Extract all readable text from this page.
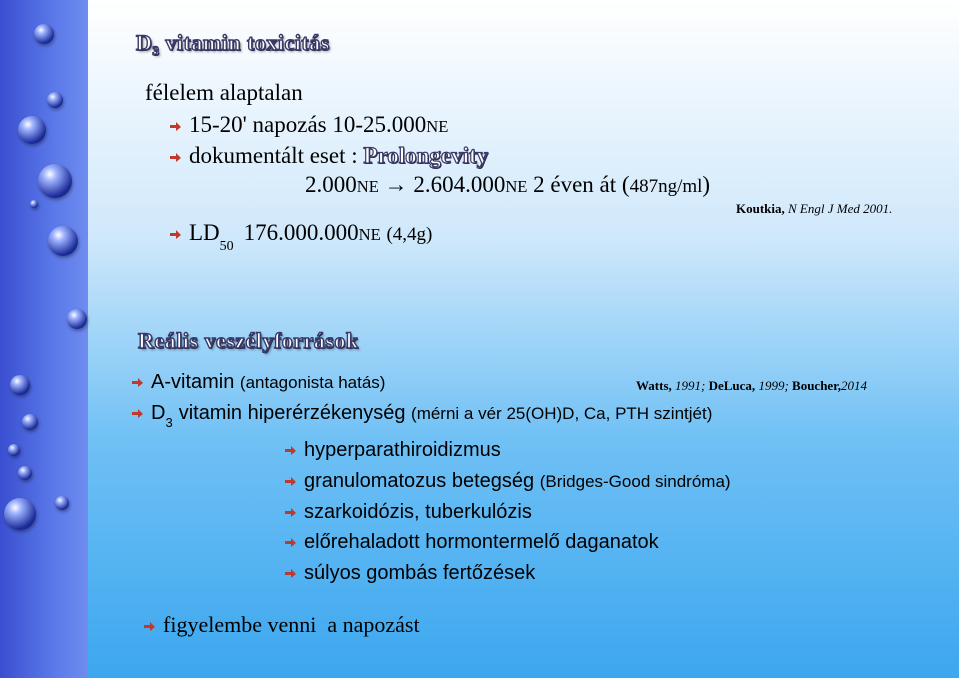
$D_3$ vitamin toxicitás
félelem alaptalan
15-20' napozás 10-25.000NE
dokumentált eset : Prolongevity
2.000NE → 2.604.000NE 2 éven át (487ng/ml)
Koutkia, N Engl J Med 2001.
$LD_{50}176.000.000NE$ (4,4g)
Reális veszélyforrások
A-vitamin (antagonista hatás)	Watts, 1991; DeLuca, 1999; Boucher,2014
$D_3$ vitamin hiperérzékenység (mérni a vér 25(OH)D, Ca, PTH szintjét)
hyperparathiroidizmus
granulomatozus betegség (Bridges-Good sindróma)
szarkoidózis, tuberkulózis
előrehaladott hormontermelő daganatok
súlyos gombás fertőzések
figyelembe venni  a napozást
